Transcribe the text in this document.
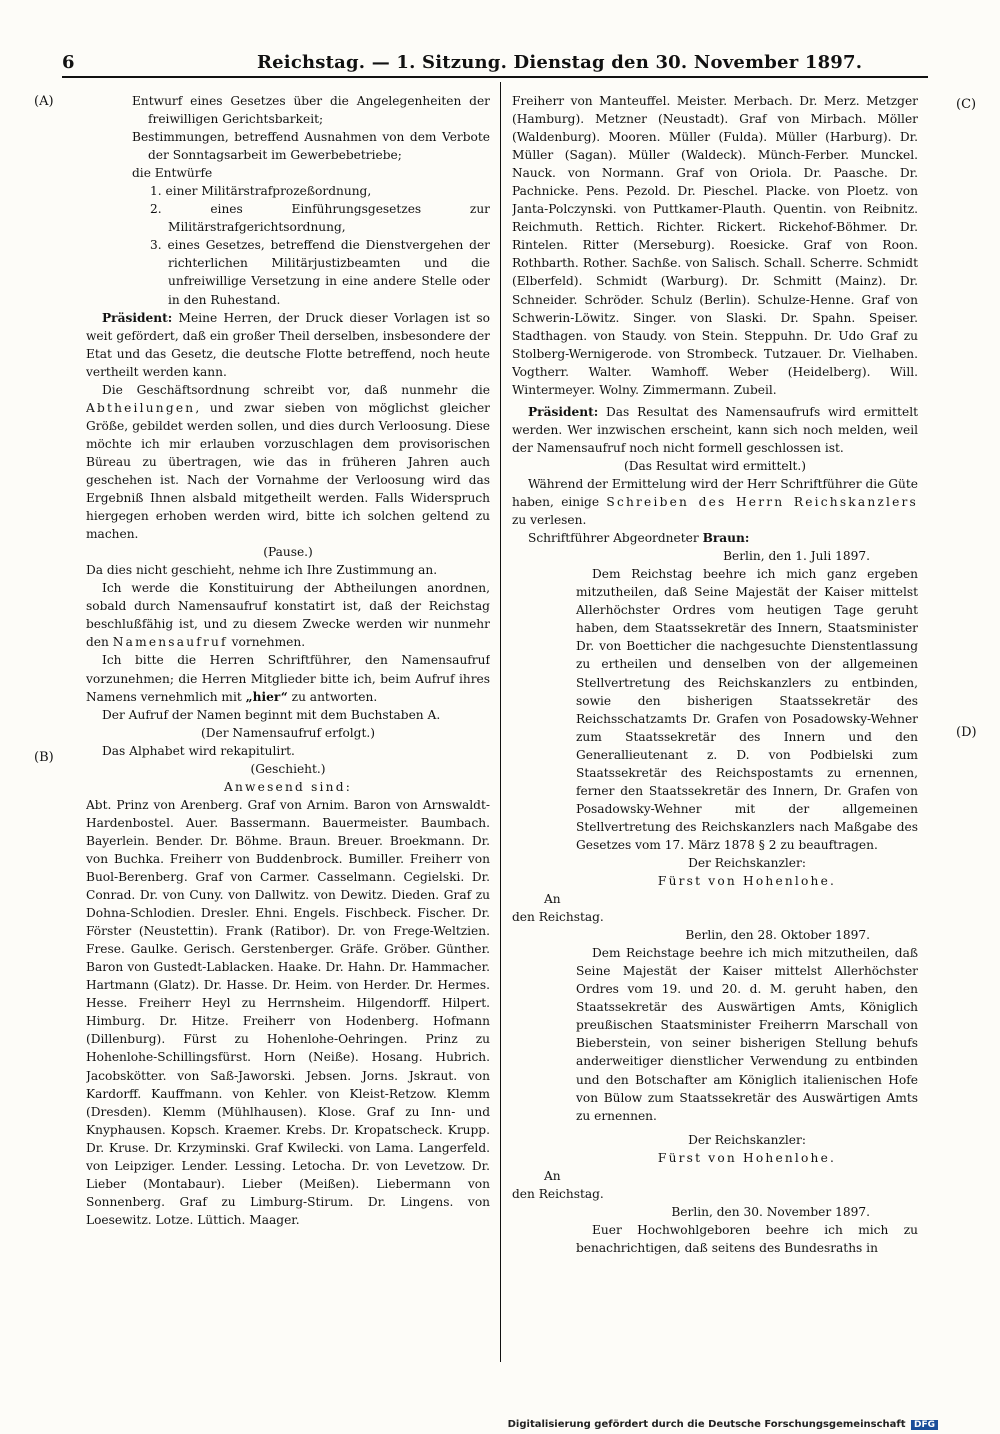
6	Reichstag. — 1. Sitzung. Dienstag den 30. November 1897.
(A)
(B)
(C)
(D)

Entwurf eines Gesetzes über die Angelegenheiten der freiwilligen Gerichtsbarkeit;

Bestimmungen, betreffend Ausnahmen von dem Verbote der Sonntagsarbeit im Gewerbebetriebe;

die Entwürfe

1. einer Militärstrafprozeßordnung,

2. eines Einführungsgesetzes zur Militärstrafgerichtsordnung,

3. eines Gesetzes, betreffend die Dienstvergehen der richterlichen Militärjustizbeamten und die unfreiwillige Versetzung in eine andere Stelle oder in den Ruhestand.

Präsident: Meine Herren, der Druck dieser Vorlagen ist so weit gefördert, daß ein großer Theil derselben, insbesondere der Etat und das Gesetz, die deutsche Flotte betreffend, noch heute vertheilt werden kann.

Die Geschäftsordnung schreibt vor, daß nunmehr die Abtheilungen, und zwar sieben von möglichst gleicher Größe, gebildet werden sollen, und dies durch Verloosung. Diese möchte ich mir erlauben vorzuschlagen dem provisorischen Büreau zu übertragen, wie das in früheren Jahren auch geschehen ist. Nach der Vornahme der Verloosung wird das Ergebniß Ihnen alsbald mitgetheilt werden. Falls Widerspruch hiergegen erhoben werden wird, bitte ich solchen geltend zu machen.

(Pause.)

Da dies nicht geschieht, nehme ich Ihre Zustimmung an.

Ich werde die Konstituirung der Abtheilungen anordnen, sobald durch Namensaufruf konstatirt ist, daß der Reichstag beschlußfähig ist, und zu diesem Zwecke werden wir nunmehr den Namensaufruf vornehmen.

Ich bitte die Herren Schriftführer, den Namensaufruf vorzunehmen; die Herren Mitglieder bitte ich, beim Aufruf ihres Namens vernehmlich mit „hier“ zu antworten.

Der Aufruf der Namen beginnt mit dem Buchstaben A.

(Der Namensaufruf erfolgt.)

Das Alphabet wird rekapitulirt.

(Geschieht.)

Anwesend sind:

Abt. Prinz von Arenberg. Graf von Arnim. Baron von Arnswaldt-Hardenbostel. Auer. Bassermann. Bauermeister. Baumbach. Bayerlein. Bender. Dr. Böhme. Braun. Breuer. Broekmann. Dr. von Buchka. Freiherr von Buddenbrock. Bumiller. Freiherr von Buol-Berenberg. Graf von Carmer. Casselmann. Cegielski. Dr. Conrad. Dr. von Cuny. von Dallwitz. von Dewitz. Dieden. Graf zu Dohna-Schlodien. Dresler. Ehni. Engels. Fischbeck. Fischer. Dr. Förster (Neustettin). Frank (Ratibor). Dr. von Frege-Weltzien. Frese. Gaulke. Gerisch. Gerstenberger. Gräfe. Gröber. Günther. Baron von Gustedt-Lablacken. Haake. Dr. Hahn. Dr. Hammacher. Hartmann (Glatz). Dr. Hasse. Dr. Heim. von Herder. Dr. Hermes. Hesse. Freiherr Heyl zu Herrnsheim. Hilgendorff. Hilpert. Himburg. Dr. Hitze. Freiherr von Hodenberg. Hofmann (Dillenburg). Fürst zu Hohenlohe-Oehringen. Prinz zu Hohenlohe-Schillingsfürst. Horn (Neiße). Hosang. Hubrich. Jacobskötter. von Saß-Jaworski. Jebsen. Jorns. Jskraut. von Kardorff. Kauffmann. von Kehler. von Kleist-Retzow. Klemm (Dresden). Klemm (Mühlhausen). Klose. Graf zu Inn- und Knyphausen. Kopsch. Kraemer. Krebs. Dr. Kropatscheck. Krupp. Dr. Kruse. Dr. Krzyminski. Graf Kwilecki. von Lama. Langerfeld. von Leipziger. Lender. Lessing. Letocha. Dr. von Levetzow. Dr. Lieber (Montabaur). Lieber (Meißen). Liebermann von Sonnenberg. Graf zu Limburg-Stirum. Dr. Lingens. von Loesewitz. Lotze. Lüttich. Maager.

Freiherr von Manteuffel. Meister. Merbach. Dr. Merz. Metzger (Hamburg). Metzner (Neustadt). Graf von Mirbach. Möller (Waldenburg). Mooren. Müller (Fulda). Müller (Harburg). Dr. Müller (Sagan). Müller (Waldeck). Münch-Ferber. Munckel. Nauck. von Normann. Graf von Oriola. Dr. Paasche. Dr. Pachnicke. Pens. Pezold. Dr. Pieschel. Placke. von Ploetz. von Janta-Polczynski. von Puttkamer-Plauth. Quentin. von Reibnitz. Reichmuth. Rettich. Richter. Rickert. Rickehof-Böhmer. Dr. Rintelen. Ritter (Merseburg). Roesicke. Graf von Roon. Rothbarth. Rother. Sachße. von Salisch. Schall. Scherre. Schmidt (Elberfeld). Schmidt (Warburg). Dr. Schmitt (Mainz). Dr. Schneider. Schröder. Schulz (Berlin). Schulze-Henne. Graf von Schwerin-Löwitz. Singer. von Slaski. Dr. Spahn. Speiser. Stadthagen. von Staudy. von Stein. Steppuhn. Dr. Udo Graf zu Stolberg-Wernigerode. von Strombeck. Tutzauer. Dr. Vielhaben. Vogtherr. Walter. Wamhoff. Weber (Heidelberg). Will. Wintermeyer. Wolny. Zimmermann. Zubeil.

Präsident: Das Resultat des Namensaufrufs wird ermittelt werden. Wer inzwischen erscheint, kann sich noch melden, weil der Namensaufruf noch nicht formell geschlossen ist.

(Das Resultat wird ermittelt.)

Während der Ermittelung wird der Herr Schriftführer die Güte haben, einige Schreiben des Herrn Reichskanzlers zu verlesen.

Schriftführer Abgeordneter Braun:

Berlin, den 1. Juli 1897.

Dem Reichstag beehre ich mich ganz ergeben mitzutheilen, daß Seine Majestät der Kaiser mittelst Allerhöchster Ordres vom heutigen Tage geruht haben, dem Staatssekretär des Innern, Staatsminister Dr. von Boetticher die nachgesuchte Dienstentlassung zu ertheilen und denselben von der allgemeinen Stellvertretung des Reichskanzlers zu entbinden, sowie den bisherigen Staatssekretär des Reichsschatzamts Dr. Grafen von Posadowsky-Wehner zum Staatssekretär des Innern und den Generallieutenant z. D. von Podbielski zum Staatssekretär des Reichspostamts zu ernennen, ferner den Staatssekretär des Innern, Dr. Grafen von Posadowsky-Wehner mit der allgemeinen Stellvertretung des Reichskanzlers nach Maßgabe des Gesetzes vom 17. März 1878 § 2 zu beauftragen.

Der Reichskanzler:

Fürst von Hohenlohe.

An

den Reichstag.

Berlin, den 28. Oktober 1897.

Dem Reichstage beehre ich mich mitzutheilen, daß Seine Majestät der Kaiser mittelst Allerhöchster Ordres vom 19. und 20. d. M. geruht haben, den Staatssekretär des Auswärtigen Amts, Königlich preußischen Staatsminister Freiherrn Marschall von Bieberstein, von seiner bisherigen Stellung behufs anderweitiger dienstlicher Verwendung zu entbinden und den Botschafter am Königlich italienischen Hofe von Bülow zum Staatssekretär des Auswärtigen Amts zu ernennen.

Der Reichskanzler:

Fürst von Hohenlohe.

An

den Reichstag.

Berlin, den 30. November 1897.

Euer Hochwohlgeboren beehre ich mich zu benachrichtigen, daß seitens des Bundesraths in

Digitalisierung gefördert durch die Deutsche Forschungsgemeinschaft DFG
